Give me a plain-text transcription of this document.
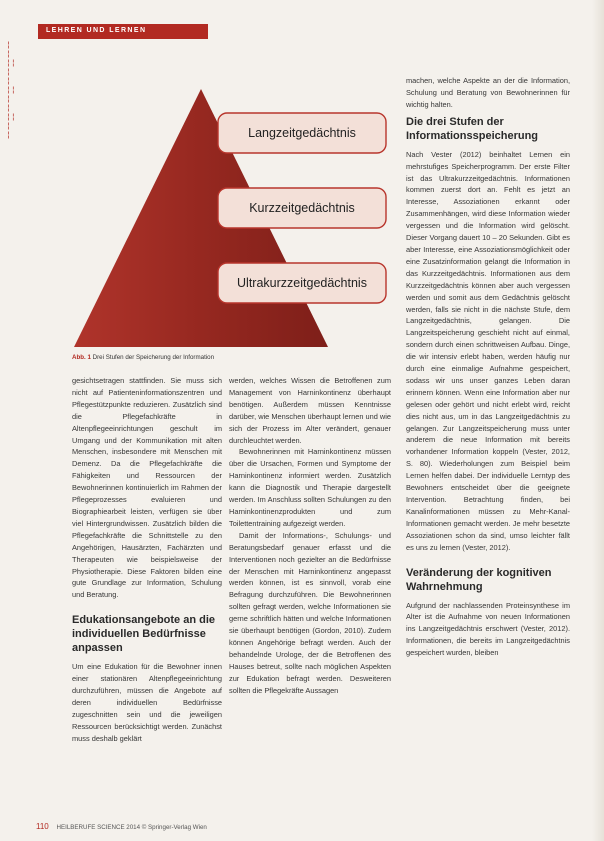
LEHREN UND LERNEN
¦ ¦
¦¦
¦ ¦
¦¦
¦ ¦
¦¦
¦ ¦	Langzeitgedächtnis
Kurzzeitgedächtnis
Ultrakurzzeitgedächtnis
Abb. 1 Drei Stufen der Speicherung der Information

gesichtsetragen stattfinden. Sie muss sich nicht auf Patienteninformationszentren und Pflegestützpunkte reduzieren. Zusätzlich sind die Pflegefachkräfte in Altenpflegeeinrichtungen geschult im Umgang und der Kommunikation mit alten Menschen, insbesondere mit Menschen mit Demenz. Da die Pflegefachkräfte die Fähigkeiten und Ressourcen der Bewohnerinnen kontinuierlich im Rahmen der Pflegeprozesses evaluieren und Biographiearbeit leisten, verfügen sie über viel Hintergrundwissen. Zusätzlich bilden die Pflegefachkräfte die Schnittstelle zu den Angehörigen, Hausärzten, Fachärzten und Therapeuten wie beispielsweise der Physiotherapie. Diese Faktoren bilden eine gute Grundlage zur Information, Schulung und Beratung.

Edukationsangebote an die individuellen Bedürfnisse anpassen

Um eine Edukation für die Bewohner innen einer stationären Altenpflegeeinrichtung durchzuführen, müssen die Angebote auf deren individuellen Bedürfnisse zugeschnitten sein und die jeweiligen Ressourcen berücksichtigt werden. Zunächst muss deshalb geklärt

werden, welches Wissen die Betroffenen zum Management von Harninkontinenz überhaupt benötigen. Außerdem müssen Kenntnisse darüber, wie Menschen überhaupt lernen und wie sich der Prozess im Alter verändert, genauer durchleuchtet werden.

Bewohnerinnen mit Harninkontinenz müssen über die Ursachen, Formen und Symptome der Harninkontinenz informiert werden. Zusätzlich kann die Diagnostik und Therapie dargestellt werden. Im Anschluss sollten Schulungen zu den Harninkontinenzprodukten und zum Toilettentraining aufgezeigt werden.

Damit der Informations-, Schulungs- und Beratungsbedarf genauer erfasst und die Interventionen noch gezielter an die Bedürfnisse der Menschen mit Harninkontinenz angepasst werden können, ist es sinnvoll, vorab eine Befragung durchzuführen. Die Bewohnerinnen sollten gefragt werden, welche Informationen sie gerne schriftlich hätten und welche Informationen sie überhaupt benötigen (Gordon, 2010). Zudem können Angehörige befragt werden. Auch der behandelnde Urologe, der die Betroffenen des Hauses betreut, sollte nach möglichen Aspekten zur Edukation befragt werden. Desweiteren sollten die Pflegekräfte Aussagen

machen, welche Aspekte an der die Information, Schulung und Beratung von Bewohnerinnen für wichtig halten.

Die drei Stufen der Informationsspeicherung

Nach Vester (2012) beinhaltet Lernen ein mehrstufiges Speicherprogramm. Der erste Filter ist das Ultrakurzzeitgedächtnis. Informationen kommen zuerst dort an. Fehlt es jetzt an Interesse, Assoziationen erkannt oder Zusammenhängen, wird diese Information wieder vergessen und die Information wird gelöscht. Dieser Vorgang dauert 10 – 20 Sekunden. Gibt es aber Interesse, eine Assoziationsmöglichkeit oder eine Zusatzinformation gelangt die Information in das Kurzzeitgedächtnis. Informationen aus dem Kurzzeitgedächtnis können aber auch vergessen werden und somit aus dem Gedächtnis gelöscht werden, falls sie nicht in die nächste Stufe, dem Langzeitgedächtnis, gelangen. Die Langzeitspeicherung geschieht nicht auf einmal, sondern durch einen schrittweisen Aufbau. Dinge, die wir intensiv erlebt haben, werden häufig nur durch eine einmalige Aufnahme gespeichert, sodass wir uns unser ganzes Leben daran erinnern können. Wenn eine Information aber nur gelesen oder gehört und nicht erlebt wird, reicht dies nicht aus, um in das Langzeitgedächtnis zu gelangen. Zur Langzeitspeicherung muss unter anderem die neue Information mit bereits vorhandener Information koppeln (Vester, 2012, S. 80). Wiederholungen zum Beispiel beim Lernen helfen dabei. Der individuelle Lerntyp des Bewohners entscheidet über die geeignete Intervention. Betrachtung finden, bei Kanalinformationen müssen zu Mehr-Kanal-Informationen gemacht werden. Je mehr besetzte Assoziationen schon da sind, umso leichter fällt es uns zu lernen (Vester, 2012).

Veränderung der kognitiven Wahrnehmung

Aufgrund der nachlassenden Proteinsynthese im Alter ist die Aufnahme von neuen Informationen ins Langzeitgedächtnis erschwert (Vester, 2012). Informationen, die bereits im Langzeitgedächtnis gespeichert wurden, bleiben

110 HEILBERUFE SCIENCE 2014 © Springer-Verlag Wien
